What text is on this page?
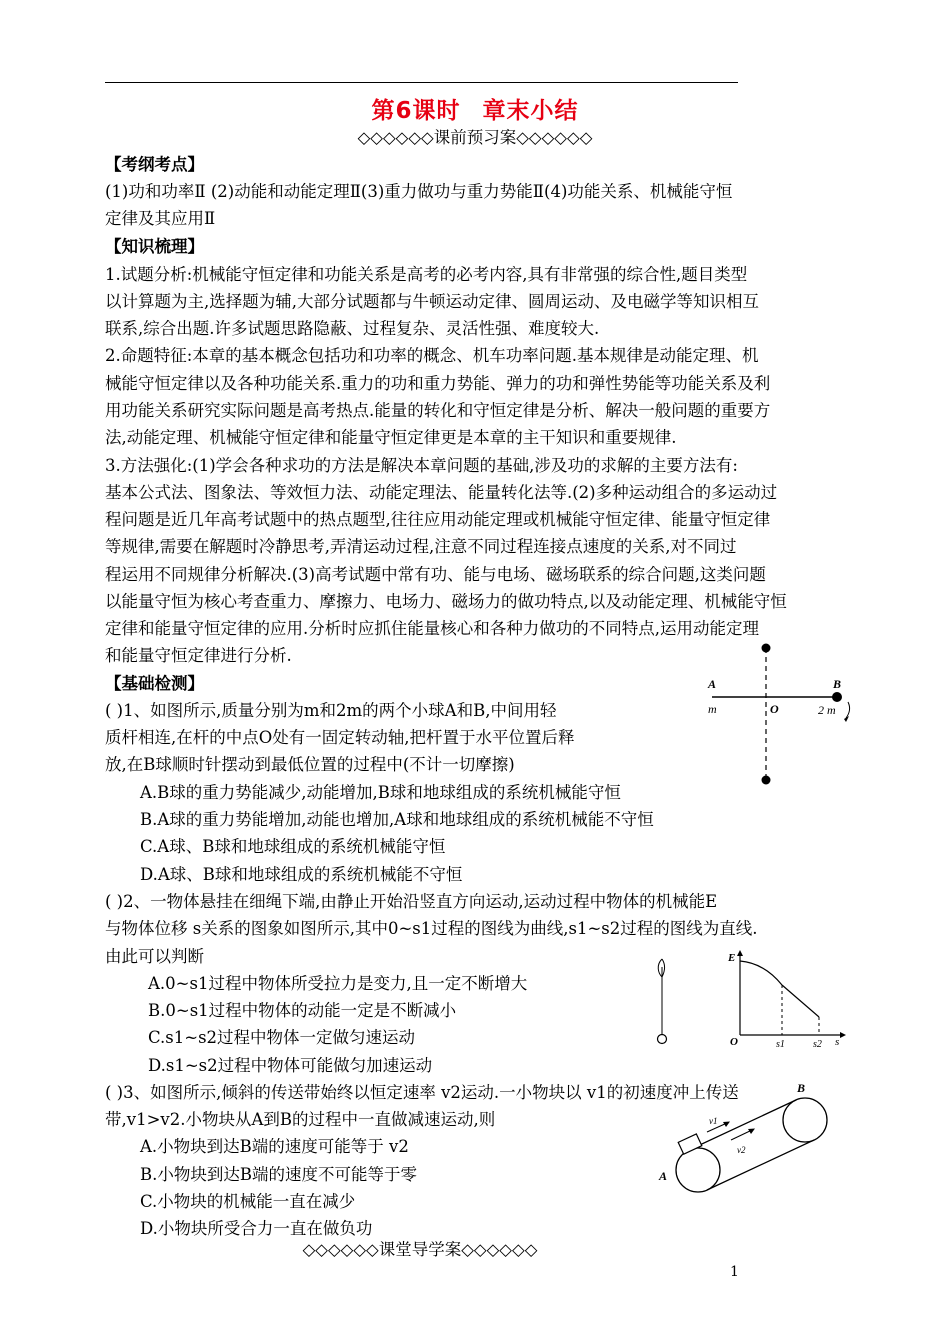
第6课时 章末小结
◇◇◇◇◇◇课前预习案◇◇◇◇◇◇
【考纲考点】
(1)功和功率Ⅱ (2)动能和动能定理Ⅱ(3)重力做功与重力势能Ⅱ(4)功能关系、机械能守恒
定律及其应用Ⅱ
【知识梳理】
1.试题分析:机械能守恒定律和功能关系是高考的必考内容,具有非常强的综合性,题目类型
以计算题为主,选择题为辅,大部分试题都与牛顿运动定律、圆周运动、及电磁学等知识相互
联系,综合出题.许多试题思路隐蔽、过程复杂、灵活性强、难度较大.
2.命题特征:本章的基本概念包括功和功率的概念、机车功率问题.基本规律是动能定理、机
械能守恒定律以及各种功能关系.重力的功和重力势能、弹力的功和弹性势能等功能关系及利
用功能关系研究实际问题是高考热点.能量的转化和守恒定律是分析、解决一般问题的重要方
法,动能定理、机械能守恒定律和能量守恒定律更是本章的主干知识和重要规律.
3.方法强化:(1)学会各种求功的方法是解决本章问题的基础,涉及功的求解的主要方法有:
基本公式法、图象法、等效恒力法、动能定理法、能量转化法等.(2)多种运动组合的多运动过
程问题是近几年高考试题中的热点题型,往往应用动能定理或机械能守恒定律、能量守恒定律
等规律,需要在解题时冷静思考,弄清运动过程,注意不同过程连接点速度的关系,对不同过
程运用不同规律分析解决.(3)高考试题中常有功、能与电场、磁场联系的综合问题,这类问题
以能量守恒为核心考查重力、摩擦力、电场力、磁场力的做功特点,以及动能定理、机械能守恒
定律和能量守恒定律的应用.分析时应抓住能量核心和各种力做功的不同特点,运用动能定理
和能量守恒定律进行分析.
【基础检测】
( )1、如图所示,质量分别为m和2m的两个小球A和B,中间用轻
质杆相连,在杆的中点O处有一固定转动轴,把杆置于水平位置后释
放,在B球顺时针摆动到最低位置的过程中(不计一切摩擦)
A.B球的重力势能减少,动能增加,B球和地球组成的系统机械能守恒
B.A球的重力势能增加,动能也增加,A球和地球组成的系统机械能不守恒
C.A球、B球和地球组成的系统机械能守恒
D.A球、B球和地球组成的系统机械能不守恒
A
m	O
B
2 m
( )2、一物体悬挂在细绳下端,由静止开始沿竖直方向运动,运动过程中物体的机械能E
与物体位移 s关系的图象如图所示,其中0~s1过程的图线为曲线,s1~s2过程的图线为直线.
由此可以判断
A.0~s1过程中物体所受拉力是变力,且一定不断增大
B.0~s1过程中物体的动能一定是不断减小
C.s1~s2过程中物体一定做匀速运动
D.s1~s2过程中物体可能做匀加速运动
E
O	s1	s2 s
( )3、如图所示,倾斜的传送带始终以恒定速率 v2运动.一小物块以 v1的初速度冲上传送
带,v1>v2.小物块从A到B的过程中一直做减速运动,则
A.小物块到达B端的速度可能等于 v2
B.小物块到达B端的速度不可能等于零
C.小物块的机械能一直在减少
D.小物块所受合力一直在做负功
A
B
v1
v2
◇◇◇◇◇◇课堂导学案◇◇◇◇◇◇
1
